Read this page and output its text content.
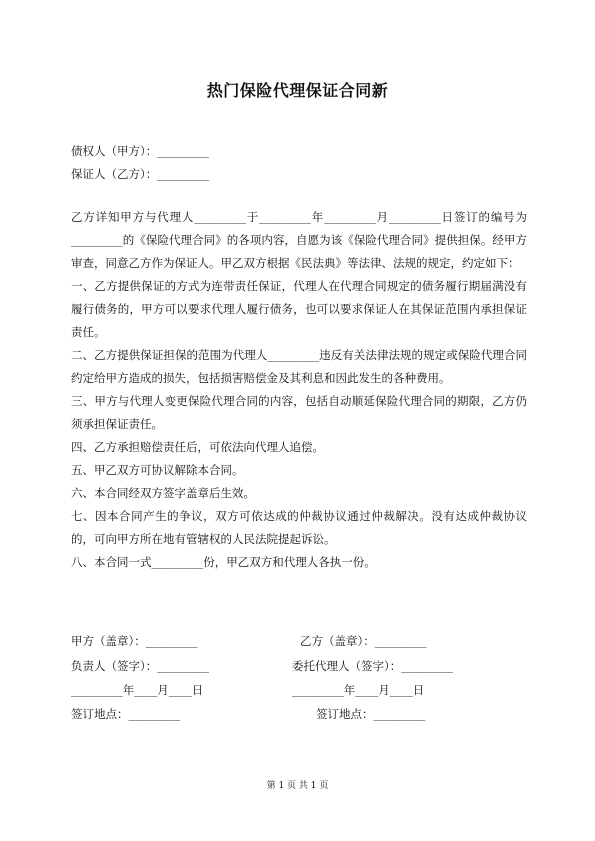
热门保险代理保证合同新
债权人（甲方）：_________
保证人（乙方）：_________

乙方详知甲方与代理人_________于_________年_________月_________日签订的编号为_________的《保险代理合同》的各项内容，自愿为该《保险代理合同》提供担保。经甲方审查，同意乙方作为保证人。甲乙双方根据《民法典》等法律、法规的规定，约定如下：

一、乙方提供保证的方式为连带责任保证，代理人在代理合同规定的债务履行期届满没有履行债务的，甲方可以要求代理人履行债务，也可以要求保证人在其保证范围内承担保证责任。

二、乙方提供保证担保的范围为代理人_________违反有关法律法规的规定或保险代理合同约定给甲方造成的损失，包括损害赔偿金及其利息和因此发生的各种费用。

三、甲方与代理人变更保险代理合同的内容，包括自动顺延保险代理合同的期限，乙方仍须承担保证责任。

四、乙方承担赔偿责任后，可依法向代理人追偿。

五、甲乙双方可协议解除本合同。

六、本合同经双方签字盖章后生效。

七、因本合同产生的争议，双方可依达成的仲裁协议通过仲裁解决。没有达成仲裁协议的，可向甲方所在地有管辖权的人民法院提起诉讼。

八、本合同一式_________份，甲乙双方和代理人各执一份。

甲方（盖章）：_________
负责人（签字）：_________
_________年____月____日
签订地点：_________
乙方（盖章）：_________
委托代理人（签字）：_________
_________年____月____日
签订地点：_________
第 1 页 共 1 页
